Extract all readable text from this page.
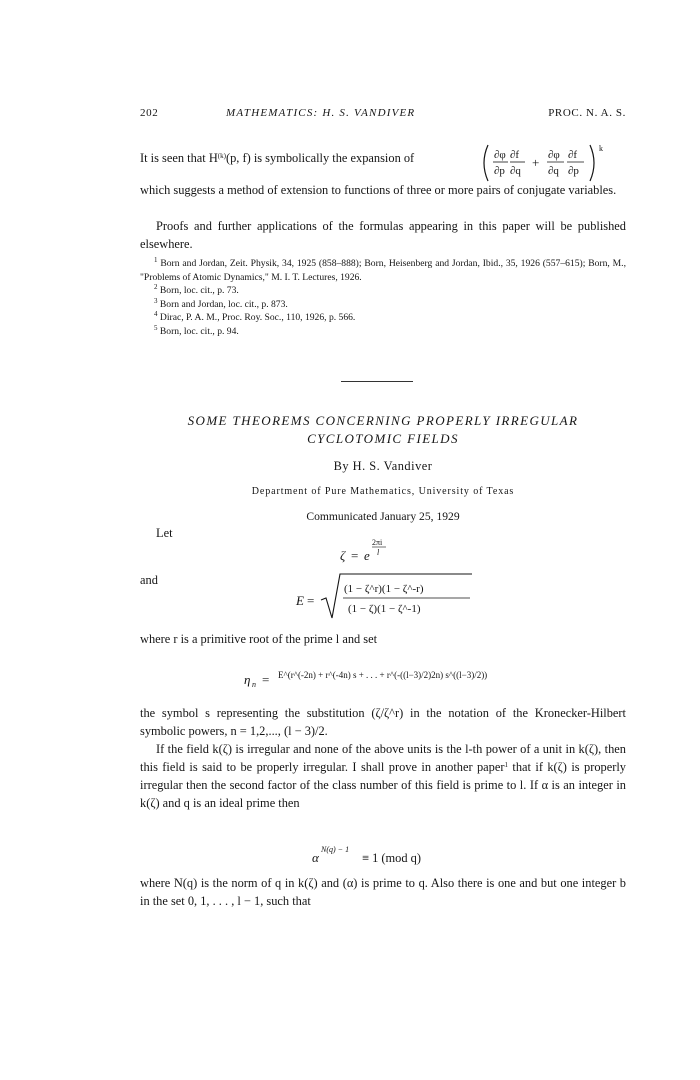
202	MATHEMATICS: H. S. VANDIVER	PROC. N. A. S.

It is seen that $H^{(k)}(p$, f) is symbolically the expansion of	∂φ ∂f
∂p ∂q
+ ∂φ ∂f
∂q ∂p
k

which suggests a method of extension to functions of three or more pairs of conjugate variables.

Proofs and further applications of the formulas appearing in this paper will be published elsewhere.

$^1$ Born and Jordan, Zeit. Physik, 34, 1925 (858–888); Born, Heisenberg and Jordan, Ibid., 35, 1926 (557–615); Born, M., "Problems of Atomic Dynamics," M. I. T. Lectures, 1926.
$^2$ Born, loc. cit., p. 73.
$^3$ Born and Jordan, loc. cit., p. 873.
$^4$ Dirac, P. A. M., Proc. Roy. Soc., 110, 1926, p. 566.
$^5$ Born, loc. cit., p. 94.
SOME THEOREMS CONCERNING PROPERLY IRREGULAR
CYCLOTOMIC FIELDS
By H. S. Vandiver
Department of Pure Mathematics, University of Texas
Communicated January 25, 1929
Let
ζ = e
2πi
l
and
E =
(1 − ζ^r)(1 − ζ^-r)
(1 − ζ)(1 − ζ^-1)

where r is a primitive root of the prime l and set

η n = E^(r^(-2n) + r^(-4n) s + . . . + r^(-((l−3)/2)2n) s^((l−3)/2))

the symbol s representing the substitution (ζ/ζ^r) in the notation of the Kronecker-Hilbert symbolic powers, n = 1,2,..., (l − 3)/2.

If the field k(ζ) is irregular and none of the above units is the l-th power of a unit in k(ζ), then this field is said to be properly irregular. I shall prove in another paper$^1$ that if k(ζ) is properly irregular then the second factor of the class number of this field is prime to l. If α is an integer in k(ζ) and q is an ideal prime then

α
N(q) − 1
≡ 1 (mod q)

where N(q) is the norm of q in k(ζ) and (α) is prime to q. Also there is one and but one integer b in the set 0, 1, . . . , l − 1, such that
